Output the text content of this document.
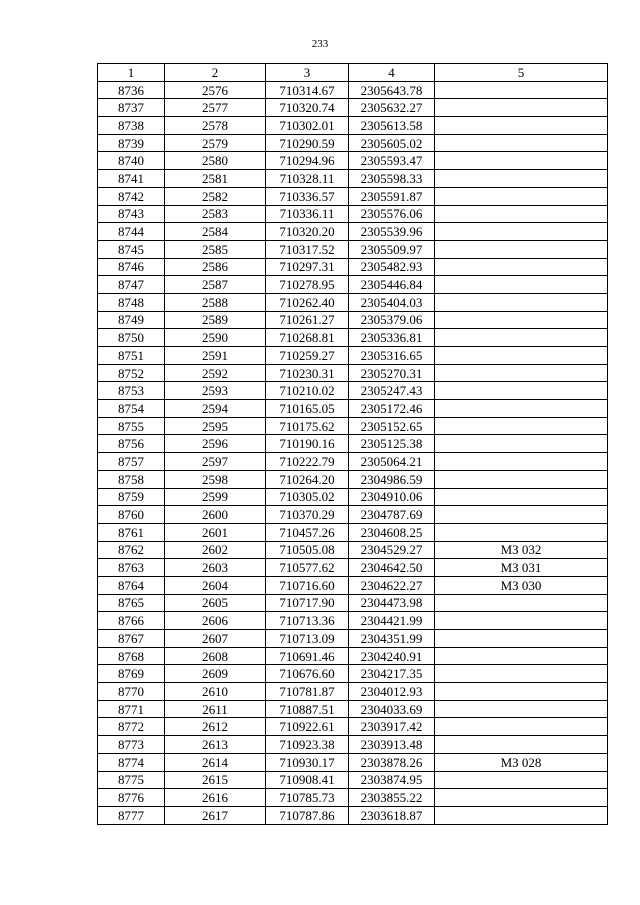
233
1	2	3	4	5
8736	2576	710314.67	2305643.78	
8737	2577	710320.74	2305632.27	
8738	2578	710302.01	2305613.58	
8739	2579	710290.59	2305605.02	
8740	2580	710294.96	2305593.47	
8741	2581	710328.11	2305598.33	
8742	2582	710336.57	2305591.87	
8743	2583	710336.11	2305576.06	
8744	2584	710320.20	2305539.96	
8745	2585	710317.52	2305509.97	
8746	2586	710297.31	2305482.93	
8747	2587	710278.95	2305446.84	
8748	2588	710262.40	2305404.03	
8749	2589	710261.27	2305379.06	
8750	2590	710268.81	2305336.81	
8751	2591	710259.27	2305316.65	
8752	2592	710230.31	2305270.31	
8753	2593	710210.02	2305247.43	
8754	2594	710165.05	2305172.46	
8755	2595	710175.62	2305152.65	
8756	2596	710190.16	2305125.38	
8757	2597	710222.79	2305064.21	
8758	2598	710264.20	2304986.59	
8759	2599	710305.02	2304910.06	
8760	2600	710370.29	2304787.69	
8761	2601	710457.26	2304608.25	
8762	2602	710505.08	2304529.27	МЗ 032
8763	2603	710577.62	2304642.50	МЗ 031
8764	2604	710716.60	2304622.27	МЗ 030
8765	2605	710717.90	2304473.98	
8766	2606	710713.36	2304421.99	
8767	2607	710713.09	2304351.99	
8768	2608	710691.46	2304240.91	
8769	2609	710676.60	2304217.35	
8770	2610	710781.87	2304012.93	
8771	2611	710887.51	2304033.69	
8772	2612	710922.61	2303917.42	
8773	2613	710923.38	2303913.48	
8774	2614	710930.17	2303878.26	МЗ 028
8775	2615	710908.41	2303874.95	
8776	2616	710785.73	2303855.22	
8777	2617	710787.86	2303618.87	
